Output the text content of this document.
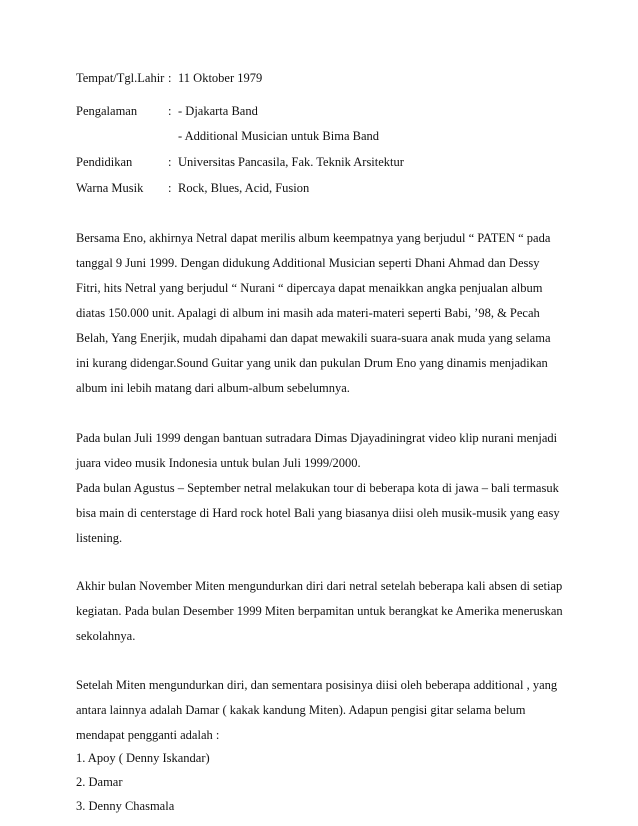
Tempat/Tgl.Lahir : 11 Oktober 1979
Pengalaman : - Djakarta Band
- Additional Musician untuk Bima Band
Pendidikan	: Universitas Pancasila, Fak. Teknik Arsitektur
Warna Musik : Rock, Blues, Acid, Fusion
Bersama Eno, akhirnya Netral dapat merilis album keempatnya yang berjudul “ PATEN “ pada
tanggal 9 Juni 1999. Dengan didukung Additional Musician seperti Dhani Ahmad dan Dessy
Fitri, hits Netral yang berjudul “ Nurani “ dipercaya dapat menaikkan angka penjualan album
diatas 150.000 unit. Apalagi di album ini masih ada materi-materi seperti Babi, ’98, & Pecah
Belah, Yang Enerjik, mudah dipahami dan dapat mewakili suara-suara anak muda yang selama
ini kurang didengar.Sound Guitar yang unik dan pukulan Drum Eno yang dinamis menjadikan
album ini lebih matang dari album-album sebelumnya.
Pada bulan Juli 1999 dengan bantuan sutradara Dimas Djayadiningrat video klip nurani menjadi
juara video musik Indonesia untuk bulan Juli 1999/2000.
Pada bulan Agustus – September netral melakukan tour di beberapa kota di jawa – bali termasuk
bisa main di centerstage di Hard rock hotel Bali yang biasanya diisi oleh musik-musik yang easy
listening.
Akhir bulan November Miten mengundurkan diri dari netral setelah beberapa kali absen di setiap
kegiatan. Pada bulan Desember 1999 Miten berpamitan untuk berangkat ke Amerika meneruskan
sekolahnya.
Setelah Miten mengundurkan diri, dan sementara posisinya diisi oleh beberapa additional , yang
antara lainnya adalah Damar ( kakak kandung Miten). Adapun pengisi gitar selama belum
mendapat pengganti adalah :
1. Apoy ( Denny Iskandar)
2. Damar
3. Denny Chasmala
